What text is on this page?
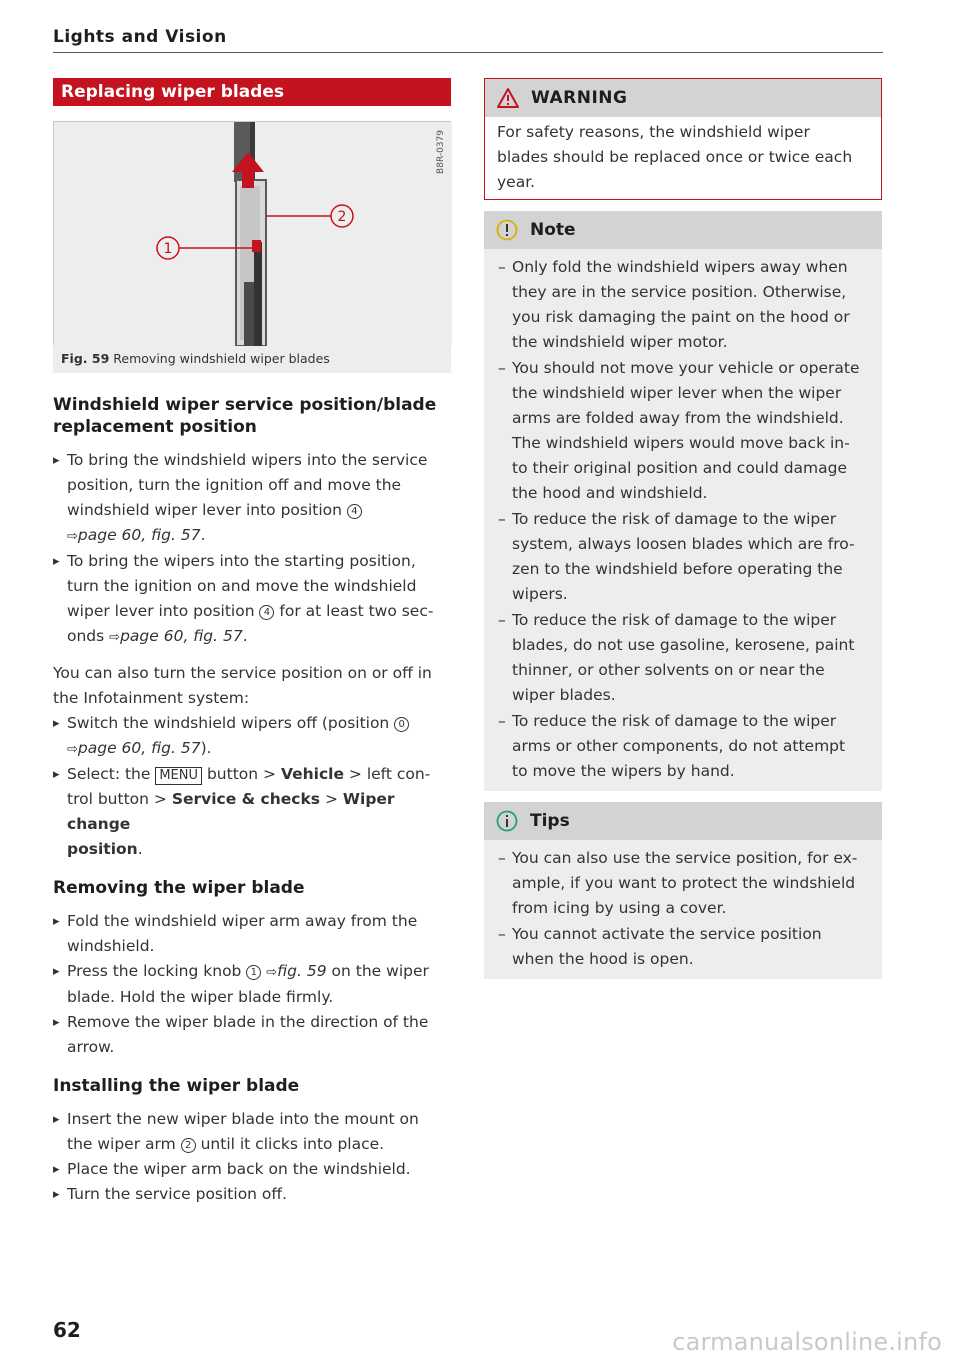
Lights and Vision
Replacing wiper blades
1
2
B8R-0379
Fig. 59 Removing windshield wiper blades
Windshield wiper service position/blade
replacement position
▸ To bring the windshield wipers into the service
position, turn the ignition off and move the
windshield wiper lever into position 4
⇨page 60, fig. 57.
▸ To bring the wipers into the starting position,
turn the ignition on and move the windshield
wiper lever into position 4 for at least two sec-
onds ⇨page 60, fig. 57.
You can also turn the service position on or off in
the Infotainment system:
▸ Switch the windshield wipers off (position 0
⇨page 60, fig. 57).
▸ Select: the MENU button > Vehicle > left con-
trol button > Service & checks > Wiper change
position.
Removing the wiper blade
▸ Fold the windshield wiper arm away from the
windshield.
▸ Press the locking knob 1 ⇨fig. 59 on the wiper
blade. Hold the wiper blade firmly.
▸ Remove the wiper blade in the direction of the
arrow.
Installing the wiper blade
▸ Insert the new wiper blade into the mount on
the wiper arm 2 until it clicks into place.
▸ Place the wiper arm back on the windshield.
▸ Turn the service position off.
WARNING
For safety reasons, the windshield wiper
blades should be replaced once or twice each
year.
Note
– Only fold the windshield wipers away when
they are in the service position. Otherwise,
you risk damaging the paint on the hood or
the windshield wiper motor.
– You should not move your vehicle or operate
the windshield wiper lever when the wiper
arms are folded away from the windshield.
The windshield wipers would move back in-
to their original position and could damage
the hood and windshield.
– To reduce the risk of damage to the wiper
system, always loosen blades which are fro-
zen to the windshield before operating the
wipers.
– To reduce the risk of damage to the wiper
blades, do not use gasoline, kerosene, paint
thinner, or other solvents on or near the
wiper blades.
– To reduce the risk of damage to the wiper
arms or other components, do not attempt
to move the wipers by hand.
Tips
– You can also use the service position, for ex-
ample, if you want to protect the windshield
from icing by using a cover.
– You cannot activate the service position
when the hood is open.
62	carmanualsonline.info
